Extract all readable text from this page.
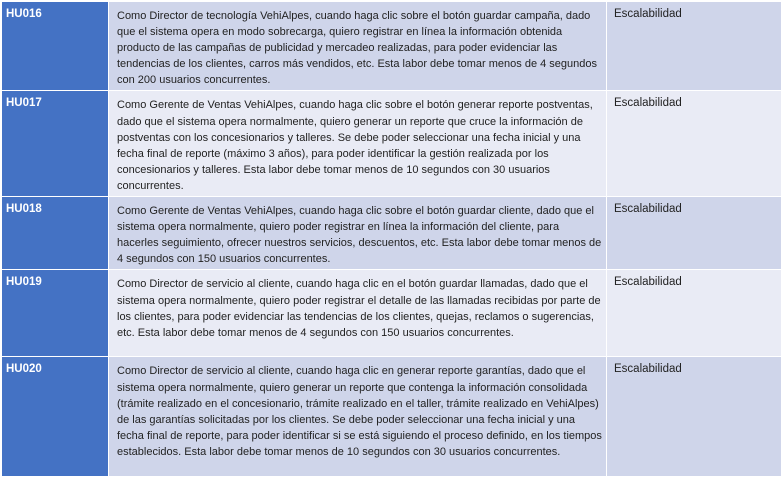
HU016	Como Director de tecnología VehiAlpes, cuando haga clic sobre el botón guardar campaña, dado que el sistema opera en modo sobrecarga, quiero registrar en línea la información obtenida producto de las campañas de publicidad y mercadeo realizadas, para poder evidenciar las tendencias de los clientes, carros más vendidos, etc. Esta labor debe tomar menos de 4 segundos con 200 usuarios concurrentes.	Escalabilidad
HU017	Como Gerente de Ventas VehiAlpes, cuando haga clic sobre el botón generar reporte postventas, dado que el sistema opera normalmente, quiero generar un reporte que cruce la información de postventas con los concesionarios y talleres. Se debe poder seleccionar una fecha inicial y una fecha final de reporte (máximo 3 años), para poder identificar la gestión realizada por los concesionarios y talleres. Esta labor debe tomar menos de 10 segundos con 30 usuarios concurrentes.	Escalabilidad
HU018	Como Gerente de Ventas VehiAlpes, cuando haga clic sobre el botón guardar cliente, dado que el sistema opera normalmente, quiero poder registrar en línea la información del cliente, para hacerles seguimiento, ofrecer nuestros servicios, descuentos, etc. Esta labor debe tomar menos de 4 segundos con 150 usuarios concurrentes.	Escalabilidad
HU019	Como Director de servicio al cliente, cuando haga clic en el botón guardar llamadas, dado que el sistema opera normalmente, quiero poder registrar el detalle de las llamadas recibidas por parte de los clientes, para poder evidenciar las tendencias de los clientes, quejas, reclamos o sugerencias, etc. Esta labor debe tomar menos de 4 segundos con 150 usuarios concurrentes.	Escalabilidad
HU020	Como Director de servicio al cliente, cuando haga clic en generar reporte garantías, dado que el sistema opera normalmente, quiero generar un reporte que contenga la información consolidada (trámite realizado en el concesionario, trámite realizado en el taller, trámite realizado en VehiAlpes) de las garantías solicitadas por los clientes. Se debe poder seleccionar una fecha inicial y una fecha final de reporte, para poder identificar si se está siguiendo el proceso definido, en los tiempos establecidos. Esta labor debe tomar menos de 10 segundos con 30 usuarios concurrentes.	Escalabilidad
